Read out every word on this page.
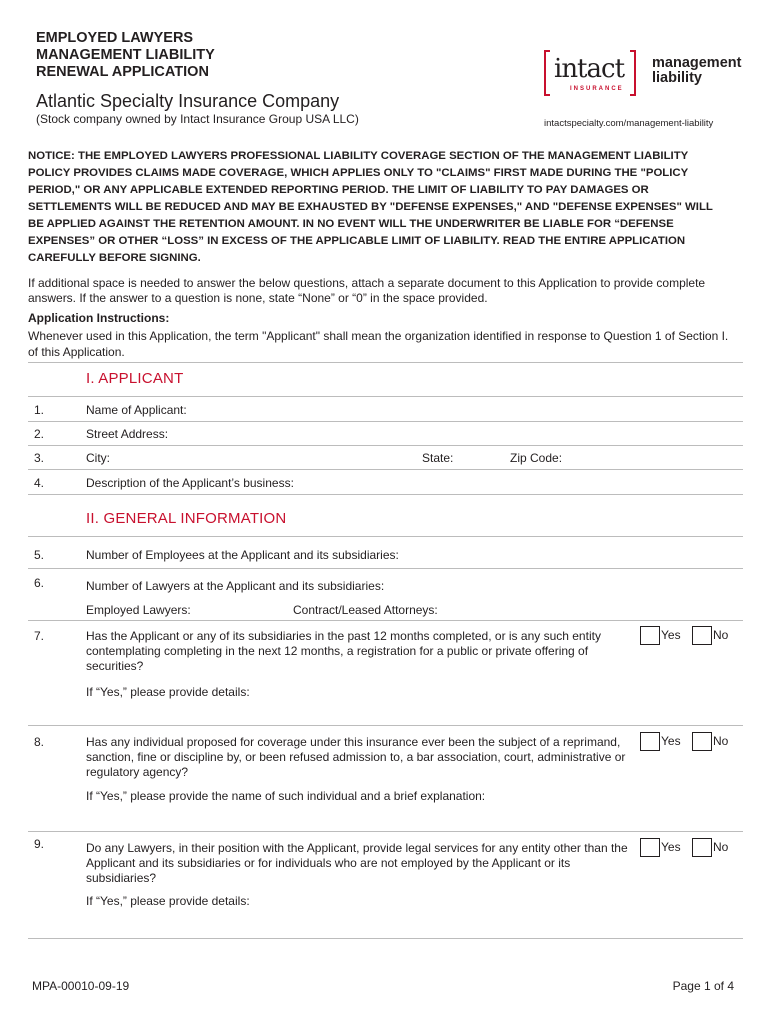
EMPLOYED LAWYERS
MANAGEMENT LIABILITY
RENEWAL APPLICATION
Atlantic Specialty Insurance Company
(Stock company owned by Intact Insurance Group USA LLC)
intact
INSURANCE
management
liability
intactspecialty.com/management-liability
NOTICE: THE EMPLOYED LAWYERS PROFESSIONAL LIABILITY COVERAGE SECTION OF THE MANAGEMENT LIABILITY POLICY PROVIDES CLAIMS MADE COVERAGE, WHICH APPLIES ONLY TO "CLAIMS" FIRST MADE DURING THE "POLICY PERIOD," OR ANY APPLICABLE EXTENDED REPORTING PERIOD. THE LIMIT OF LIABILITY TO PAY DAMAGES OR SETTLEMENTS WILL BE REDUCED AND MAY BE EXHAUSTED BY "DEFENSE EXPENSES," AND "DEFENSE EXPENSES" WILL BE APPLIED AGAINST THE RETENTION AMOUNT. IN NO EVENT WILL THE UNDERWRITER BE LIABLE FOR “DEFENSE EXPENSES” OR OTHER “LOSS” IN EXCESS OF THE APPLICABLE LIMIT OF LIABILITY. READ THE ENTIRE APPLICATION CAREFULLY BEFORE SIGNING.
If additional space is needed to answer the below questions, attach a separate document to this Application to provide complete answers. If the answer to a question is none, state “None” or “0” in the space provided.
Application Instructions:
Whenever used in this Application, the term "Applicant" shall mean the organization identified in response to Question 1 of Section I. of this Application.
I. APPLICANT
1.	Name of Applicant:
2.	Street Address:
3.	City:	State:	Zip Code:
4.	Description of the Applicant’s business:
II. GENERAL INFORMATION
5.	Number of Employees at the Applicant and its subsidiaries:
6.	Number of Lawyers at the Applicant and its subsidiaries:
Employed Lawyers:	Contract/Leased Attorneys:
7.	Has the Applicant or any of its subsidiaries in the past 12 months completed, or is any such entity contemplating completing in the next 12 months, a registration for a public or private offering of securities?
Yes	No
If “Yes,” please provide details:
8.	Has any individual proposed for coverage under this insurance ever been the subject of a reprimand, sanction, fine or discipline by, or been refused admission to, a bar association, court, administrative or regulatory agency?
Yes	No
If “Yes,” please provide the name of such individual and a brief explanation:
9.	Do any Lawyers, in their position with the Applicant, provide legal services for any entity other than the Applicant and its subsidiaries or for individuals who are not employed by the Applicant or its subsidiaries?
Yes	No
If “Yes,” please provide details:
MPA-00010-09-19	Page 1 of 4
